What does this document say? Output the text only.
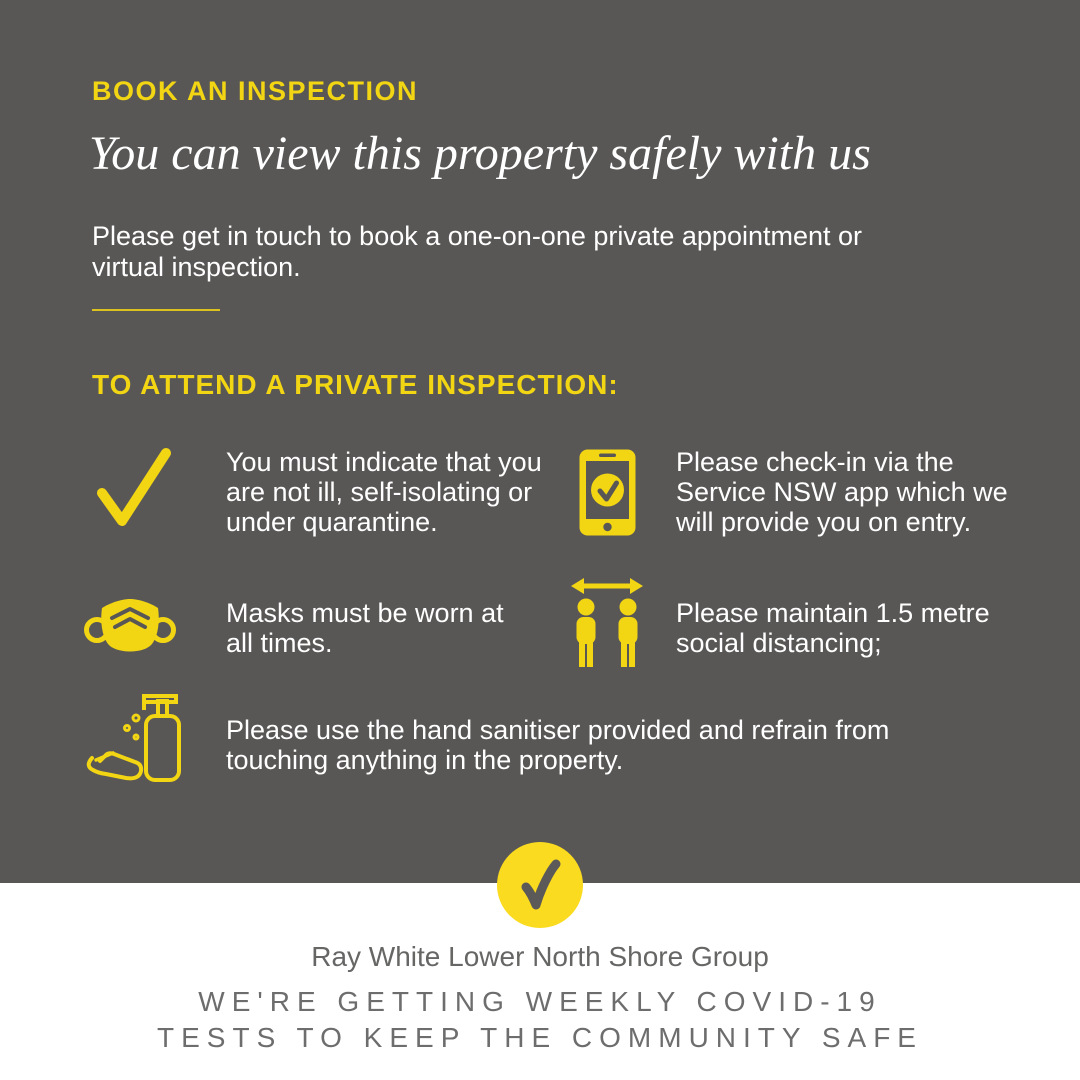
BOOK AN INSPECTION
You can view this property safely with us

Please get in touch to book a one-on-one private appointment or virtual inspection.

TO ATTEND A PRIVATE INSPECTION:
You must indicate that you are not ill, self-isolating or under quarantine.
Please check-in via the Service NSW app which we will provide you on entry.
Masks must be worn at all times.
Please maintain 1.5 metre social distancing;
Please use the hand sanitiser provided and refrain from touching anything in the property.
Ray White Lower North Shore Group
WE'RE GETTING WEEKLY COVID-19
TESTS TO KEEP THE COMMUNITY SAFE
